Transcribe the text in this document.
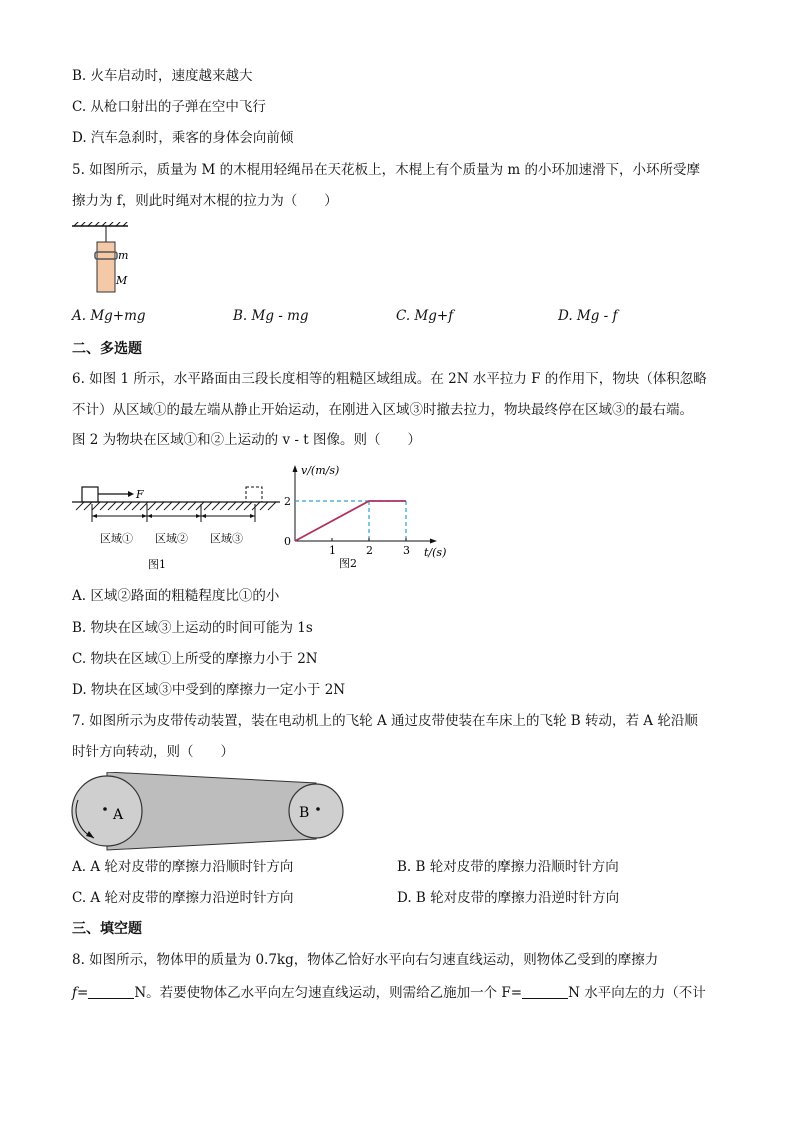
B. 火车启动时，速度越来越大
C. 从枪口射出的子弹在空中飞行
D. 汽车急刹时，乘客的身体会向前倾
5. 如图所示，质量为 M 的木棍用轻绳吊在天花板上，木棍上有个质量为 m 的小环加速滑下，小环所受摩
擦力为 f，则此时绳对木棍的拉力为（　　）
m
M
A. Mg+mg	B. Mg - mg	C. Mg+f	D. Mg - f
二、多选题
6. 如图 1 所示，水平路面由三段长度相等的粗糙区域组成。在 2N 水平拉力 F 的作用下，物块（体积忽略
不计）从区域①的最左端从静止开始运动，在刚进入区域③时撤去拉力，物块最终停在区域③的最右端。
图 2 为物块在区域①和②上运动的 v - t 图像。则（　　）
F
区域① 区域② 区域③
图1
v/(m/s)
t/(s)
0
2
1	2	3
图2
A. 区域②路面的粗糙程度比①的小
B. 物块在区域③上运动的时间可能为 1s
C. 物块在区域①上所受的摩擦力小于 2N
D. 物块在区域③中受到的摩擦力一定小于 2N
7. 如图所示为皮带传动装置，装在电动机上的飞轮 A 通过皮带使装在车床上的飞轮 B 转动，若 A 轮沿顺
时针方向转动，则（　　）
A	B
A. A 轮对皮带的摩擦力沿顺时针方向	B. B 轮对皮带的摩擦力沿顺时针方向
C. A 轮对皮带的摩擦力沿逆时针方向	D. B 轮对皮带的摩擦力沿逆时针方向
三、填空题
8. 如图所示，物体甲的质量为 0.7kg，物体乙恰好水平向右匀速直线运动，则物体乙受到的摩擦力
f=	N。若要使物体乙水平向左匀速直线运动，则需给乙施加一个 F=	N 水平向左的力（不计
